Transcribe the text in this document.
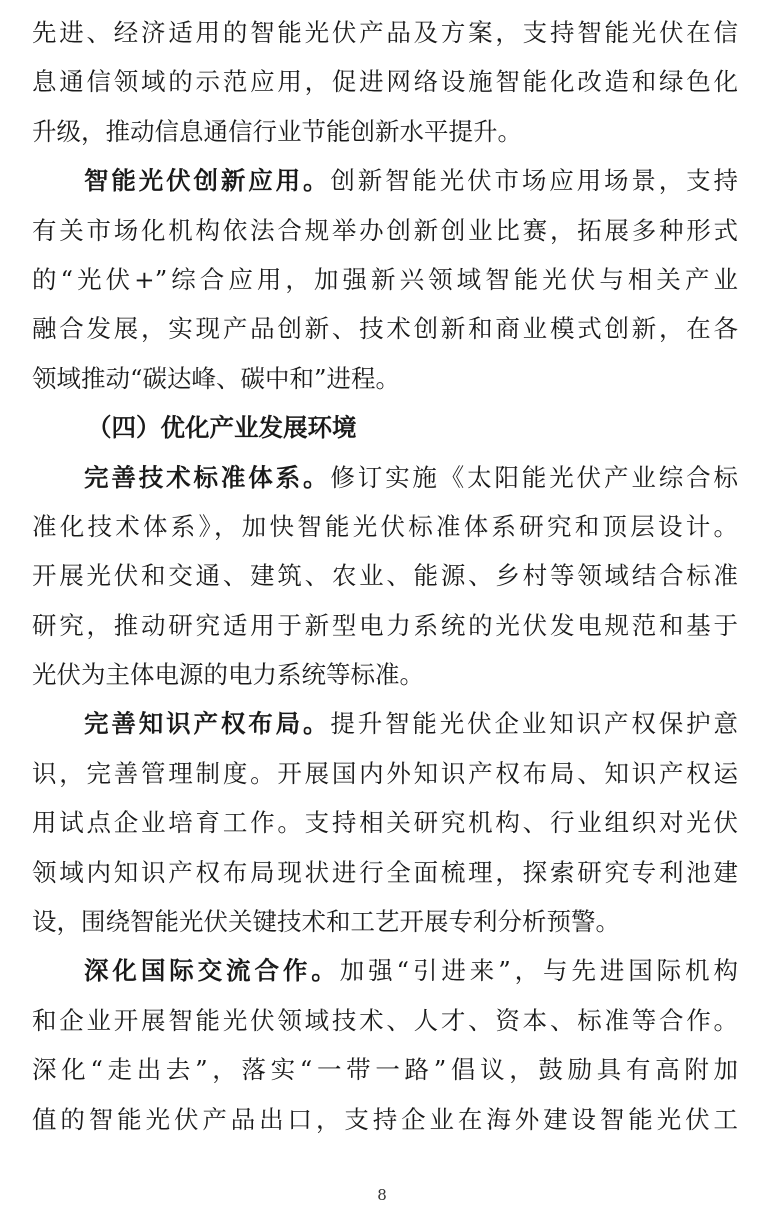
先进、经济适用的智能光伏产品及方案，支持智能光伏在信
息通信领域的示范应用，促进网络设施智能化改造和绿色化
升级，推动信息通信行业节能创新水平提升。
智能光伏创新应用。创新智能光伏市场应用场景，支持
有关市场化机构依法合规举办创新创业比赛，拓展多种形式
的“光伏+”综合应用，加强新兴领域智能光伏与相关产业
融合发展，实现产品创新、技术创新和商业模式创新，在各
领域推动“碳达峰、碳中和”进程。
（四）优化产业发展环境
完善技术标准体系。修订实施《太阳能光伏产业综合标
准化技术体系》，加快智能光伏标准体系研究和顶层设计。
开展光伏和交通、建筑、农业、能源、乡村等领域结合标准
研究，推动研究适用于新型电力系统的光伏发电规范和基于
光伏为主体电源的电力系统等标准。
完善知识产权布局。提升智能光伏企业知识产权保护意
识，完善管理制度。开展国内外知识产权布局、知识产权运
用试点企业培育工作。支持相关研究机构、行业组织对光伏
领域内知识产权布局现状进行全面梳理，探索研究专利池建
设，围绕智能光伏关键技术和工艺开展专利分析预警。
深化国际交流合作。加强“引进来”，与先进国际机构
和企业开展智能光伏领域技术、人才、资本、标准等合作。
深化“走出去”，落实“一带一路”倡议，鼓励具有高附加
值的智能光伏产品出口，支持企业在海外建设智能光伏工
8
